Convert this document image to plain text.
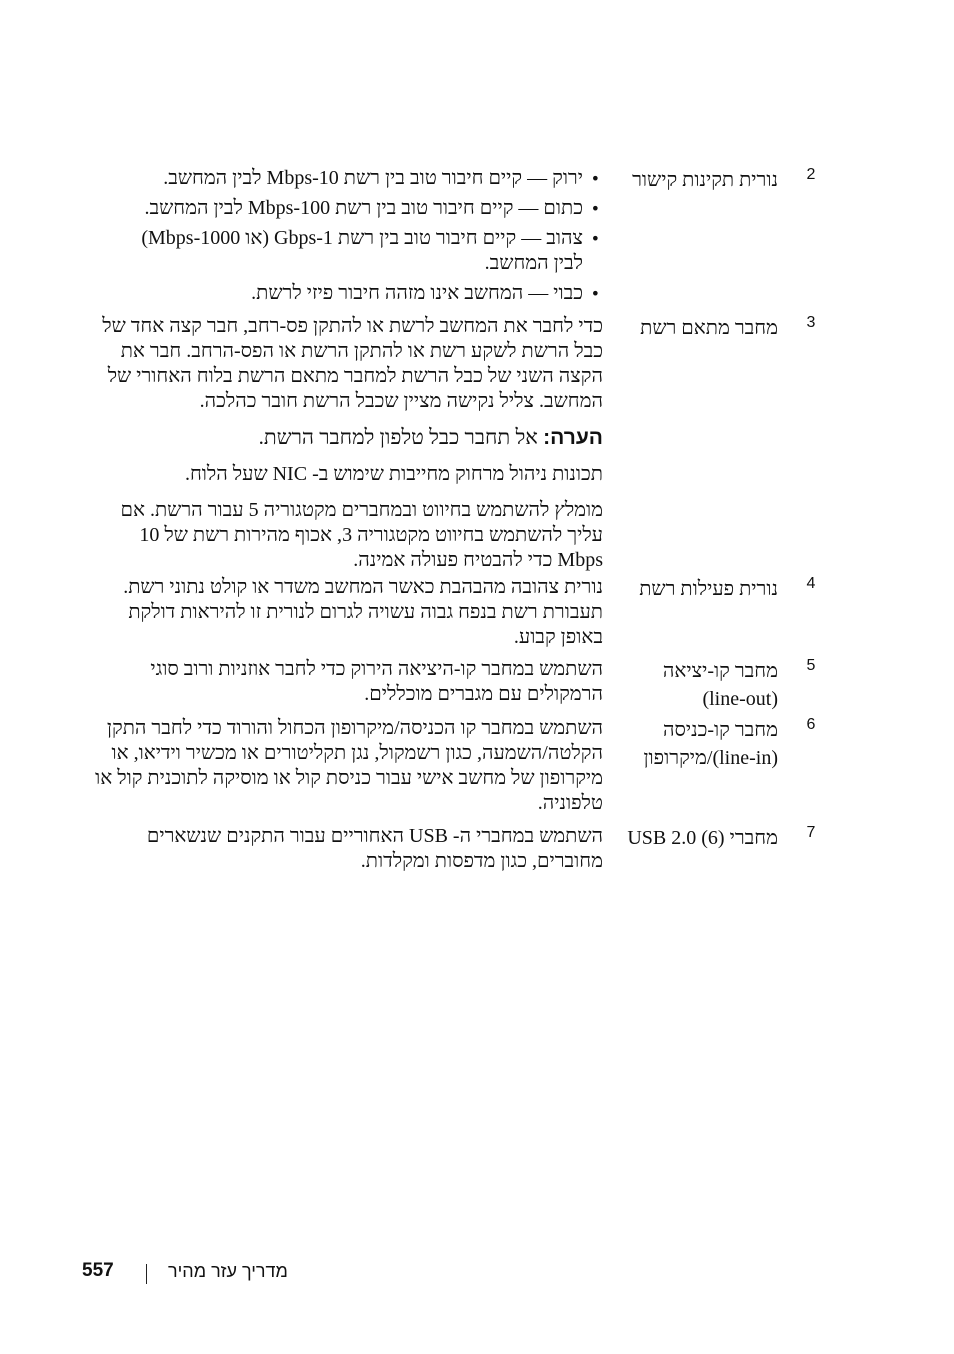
2
נורית תקינות קישור
•
ירוק — קיים חיבור טוב בין רשת 10-Mbps לבין המחשב.
•
כתום — קיים חיבור טוב בין רשת 100-Mbps לבין המחשב.
•
צהוב — קיים חיבור טוב בין רשת 1-Gbps (או 1000-Mbps) לבין המחשב.
•
כבוי — המחשב אינו מזהה חיבור פיזי לרשת.
3
מחבר מתאם רשת

כדי לחבר את המחשב לרשת או להתקן פס-רחב, חבר קצה אחד של כבל הרשת לשקע רשת או להתקן הרשת או הפס-הרחב. חבר את הקצה השני של כבל הרשת למחבר מתאם הרשת בלוח האחורי של המחשב. צליל נקישה מציין שכבל הרשת חובר כהלכה.

הערה: אל תחבר כבל טלפון למחבר הרשת.

תכונות ניהול מרחוק מחייבות שימוש ב- NIC שעל הלוח.

מומלץ להשתמש בחיווט ובמחברים מקטגוריה 5 עבור הרשת. אם עליך להשתמש בחיווט מקטגוריה 3, אכוף מהירות רשת של 10 Mbps כדי להבטיח פעולה אמינה.

4
נורית פעילות רשת
נורית צהובה מהבהבת כאשר המחשב משדר או קולט נתוני רשת. תעבורת רשת בנפח גבוה עשויה לגרום לנורית זו להיראות דולקת באופן קבוע.
5
מחבר קו-יציאה (line-out)
השתמש במחבר קו-היציאה הירוק כדי לחבר אוזניות ורוב סוגי הרמקולים עם מגברים מוכללים.
6
מחבר קו-כניסה (line-in)/מיקרופון
השתמש במחבר קו הכניסה/מיקרופון הכחול והורוד כדי לחבר התקן הקלטה/השמעה, כגון רשמקול, נגן תקליטורים או מכשיר וידיאו, או מיקרופון של מחשב אישי עבור כניסת קול או מוסיקה לתוכנית קול או טלפוניה.
7
מחברי USB 2.0 (6)
השתמש במחברי ה- USB האחוריים עבור התקנים שנשארים מחוברים, כגון מדפסות ומקלדות.
557	מדריך עזר מהיר
